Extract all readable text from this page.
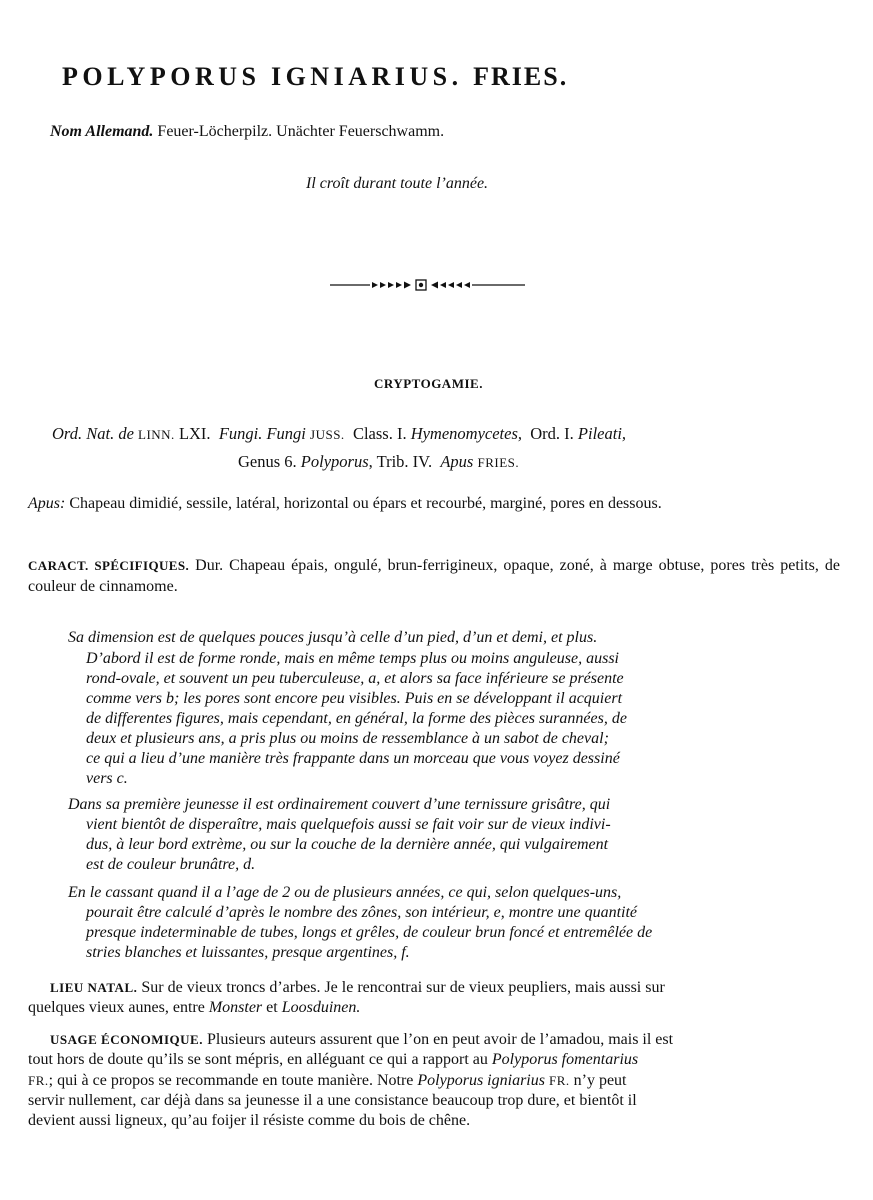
POLYPORUS IGNIARIUS. FRIES.
Nom Allemand. Feuer-Löcherpilz. Unächter Feuerschwamm.
Il croît durant toute l’année.
CRYPTOGAMIE.
Ord. Nat. de LINN. LXI. Fungi. Fungi JUSS. Class. I. Hymenomycetes, Ord. I. Pileati,
Genus 6. Polyporus, Trib. IV. Apus FRIES.
Apus: Chapeau dimidié, sessile, latéral, horizontal ou épars et recourbé, marginé, pores en dessous.
CARACT. SPÉCIFIQUES. Dur. Chapeau épais, ongulé, brun-ferrigineux, opaque, zoné, à marge obtuse, pores très petits, de couleur de cinnamome.
Sa dimension est de quelques pouces jusqu’à celle d’un pied, d’un et demi, et plus.
D’abord il est de forme ronde, mais en même temps plus ou moins anguleuse, aussi
rond-ovale, et souvent un peu tuberculeuse, a, et alors sa face inférieure se présente
comme vers b; les pores sont encore peu visibles. Puis en se développant il acquiert
de differentes figures, mais cependant, en général, la forme des pièces surannées, de
deux et plusieurs ans, a pris plus ou moins de ressemblance à un sabot de cheval;
ce qui a lieu d’une manière très frappante dans un morceau que vous voyez dessiné
vers c.
Dans sa première jeunesse il est ordinairement couvert d’une ternissure grisâtre, qui
vient bientôt de disperaître, mais quelquefois aussi se fait voir sur de vieux indivi-
dus, à leur bord extrème, ou sur la couche de la dernière année, qui vulgairement
est de couleur brunâtre, d.
En le cassant quand il a l’age de 2 ou de plusieurs années, ce qui, selon quelques-uns,
pourait être calculé d’après le nombre des zônes, son intérieur, e, montre une quantité
presque indeterminable de tubes, longs et grêles, de couleur brun foncé et entremêlée de
stries blanches et luissantes, presque argentines, f.
LIEU NATAL. Sur de vieux troncs d’arbes. Je le rencontrai sur de vieux peupliers, mais aussi sur
quelques vieux aunes, entre Monster et Loosduinen.
USAGE ÉCONOMIQUE. Plusieurs auteurs assurent que l’on en peut avoir de l’amadou, mais il est
tout hors de doute qu’ils se sont mépris, en alléguant ce qui a rapport au Polyporus fomentarius
FR.; qui à ce propos se recommande en toute manière. Notre Polyporus igniarius FR. n’y peut
servir nullement, car déjà dans sa jeunesse il a une consistance beaucoup trop dure, et bientôt il
devient aussi ligneux, qu’au foijer il résiste comme du bois de chêne.
